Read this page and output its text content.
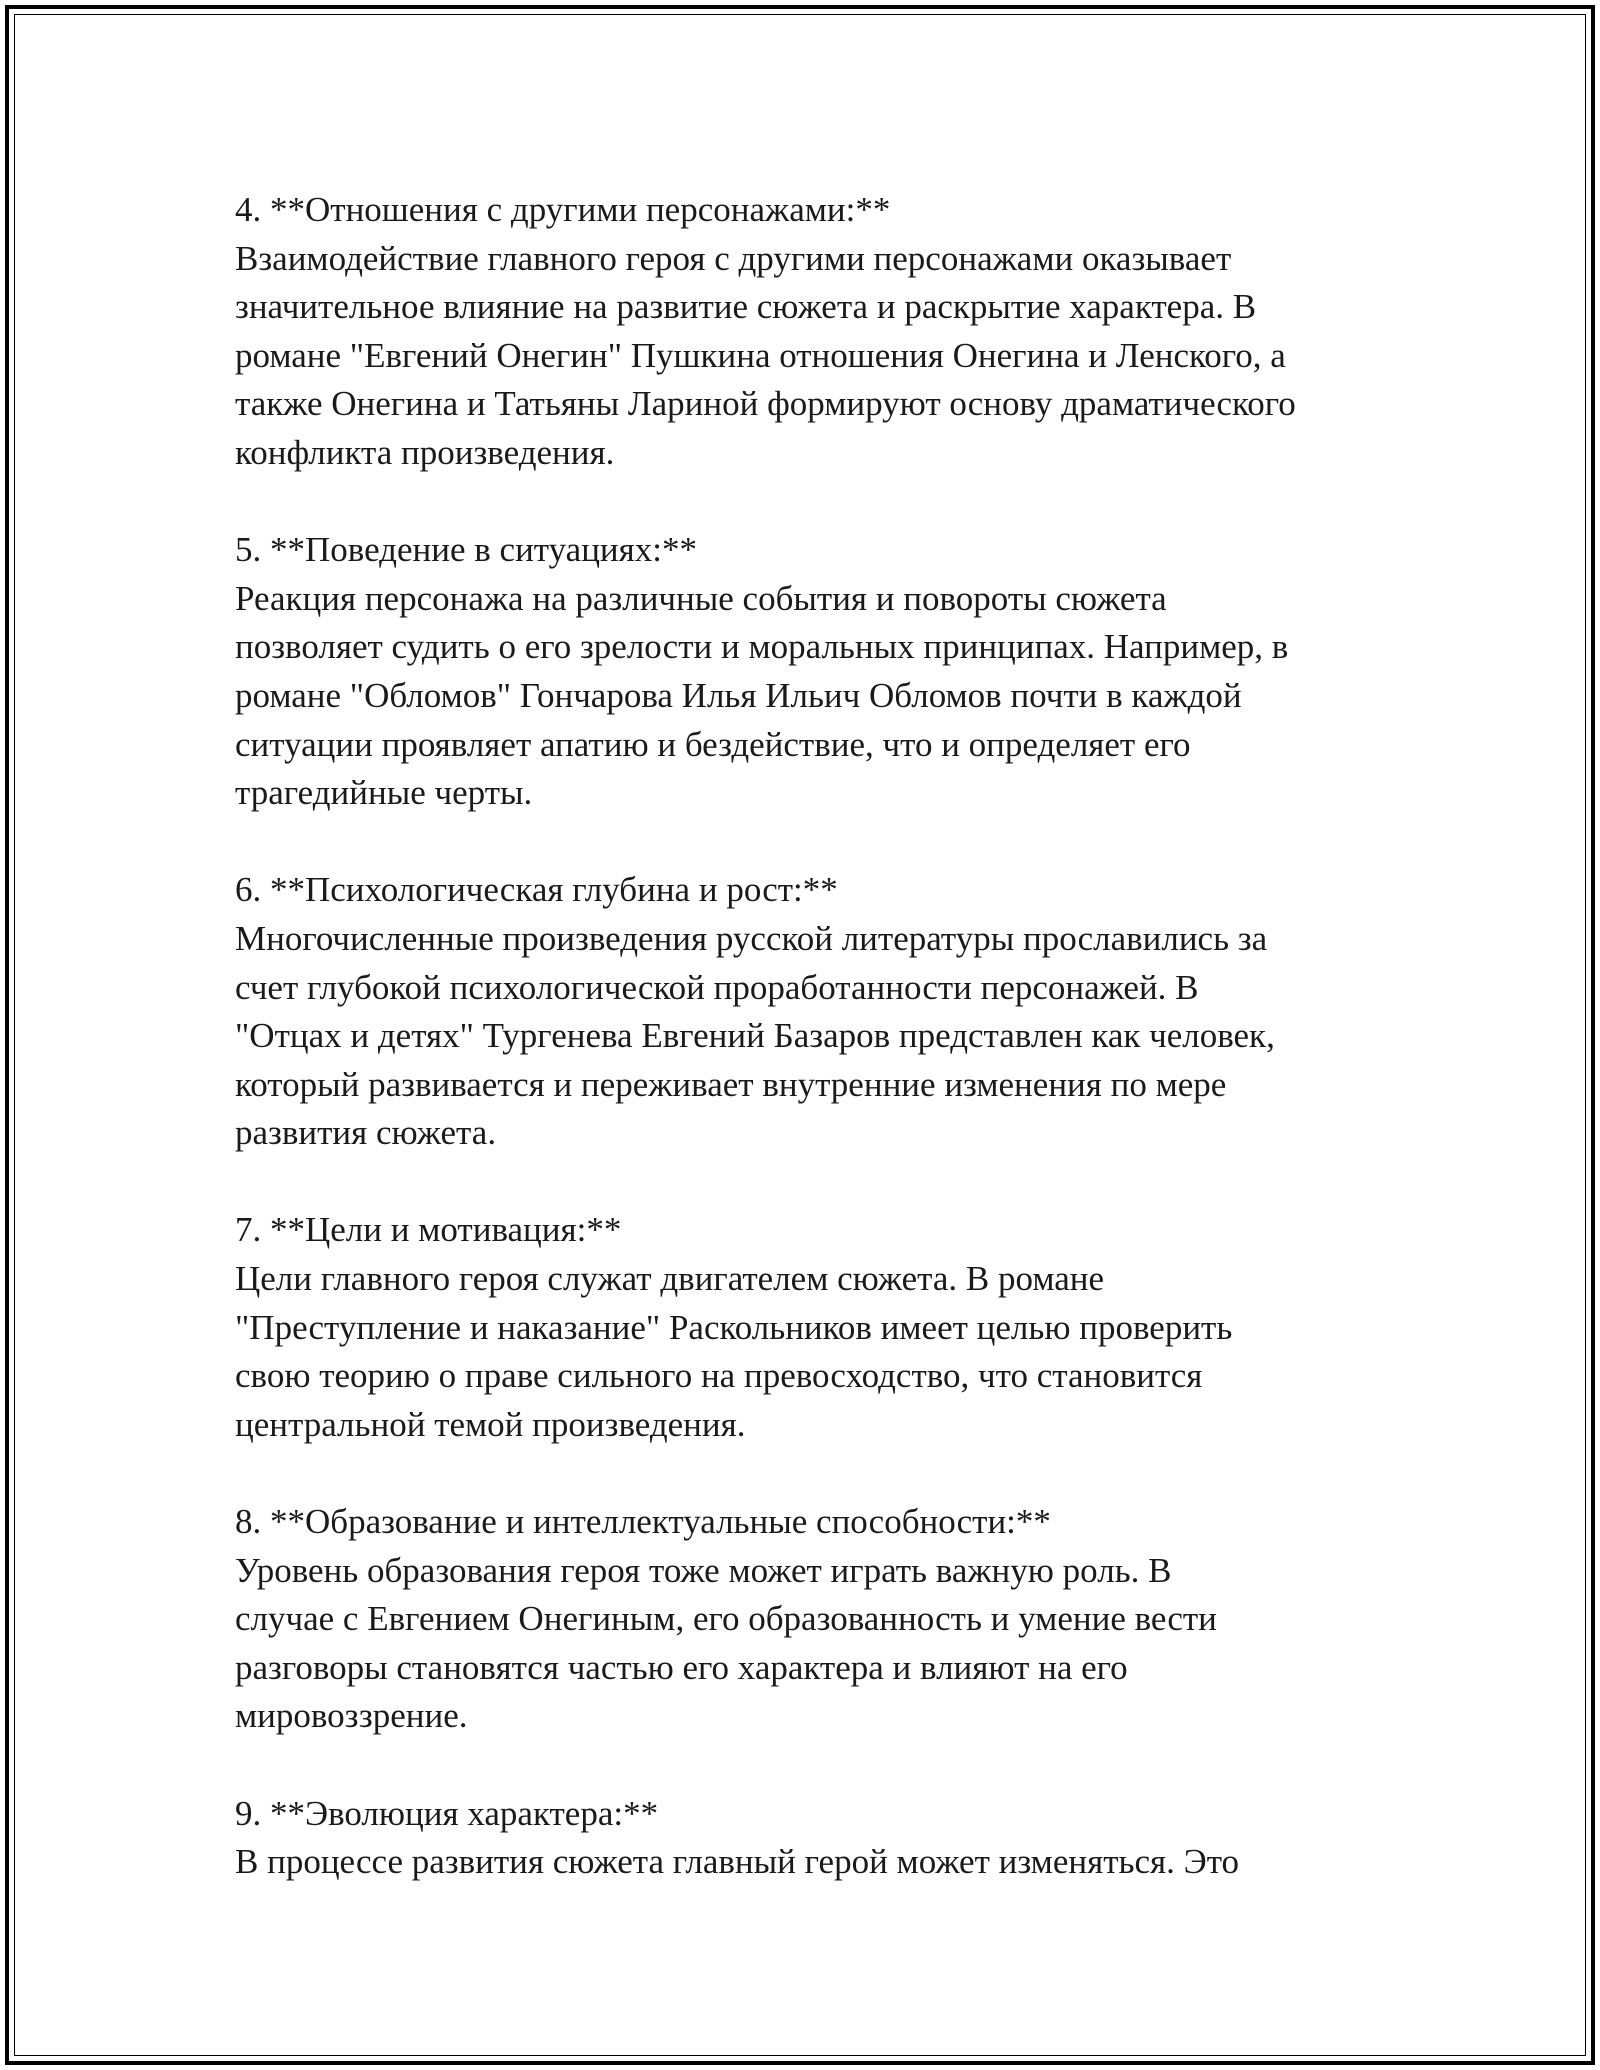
4. **Отношения с другими персонажами:**

Взаимодействие главного героя с другими персонажами оказывает
значительное влияние на развитие сюжета и раскрытие характера. В
романе "Евгений Онегин" Пушкина отношения Онегина и Ленского, а
также Онегина и Татьяны Лариной формируют основу драматического
конфликта произведения.

5. **Поведение в ситуациях:**

Реакция персонажа на различные события и повороты сюжета
позволяет судить о его зрелости и моральных принципах. Например, в
романе "Обломов" Гончарова Илья Ильич Обломов почти в каждой
ситуации проявляет апатию и бездействие, что и определяет его
трагедийные черты.

6. **Психологическая глубина и рост:**

Многочисленные произведения русской литературы прославились за
счет глубокой психологической проработанности персонажей. В
"Отцах и детях" Тургенева Евгений Базаров представлен как человек,
который развивается и переживает внутренние изменения по мере
развития сюжета.

7. **Цели и мотивация:**

Цели главного героя служат двигателем сюжета. В романе
"Преступление и наказание" Раскольников имеет целью проверить
свою теорию о праве сильного на превосходство, что становится
центральной темой произведения.

8. **Образование и интеллектуальные способности:**

Уровень образования героя тоже может играть важную роль. В
случае с Евгением Онегиным, его образованность и умение вести
разговоры становятся частью его характера и влияют на его
мировоззрение.

9. **Эволюция характера:**

В процессе развития сюжета главный герой может изменяться. Это
